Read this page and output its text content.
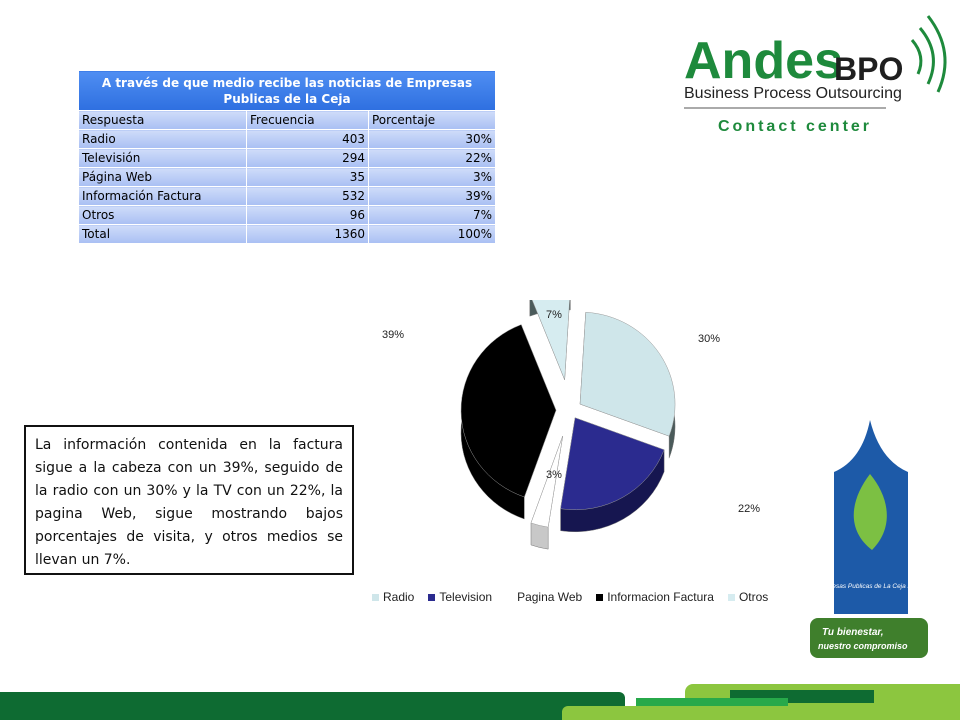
A través de que medio recibe las noticias de Empresas Publicas de la Ceja		
Respuesta	Frecuencia	Porcentaje
Radio	403	30%
Televisión	294	22%
Página Web	35	3%
Información Factura	532	39%
Otros	96	7%
Total	1360	100%
Andes
BPO
Business Process Outsourcing
Contact center
La información contenida en la factura sigue a la cabeza con un 39%, seguido de la radio con un 30% y la TV con un 22%, la pagina Web, sigue mostrando bajos porcentajes de visita, y otros medios se llevan un 7%.
30%
22%
3%
39%
7%
Radio Television Pagina Web Informacion Factura Otros
Empresas Publicas de La Ceja E.S.P.
Tu bienestar,
nuestro compromiso
